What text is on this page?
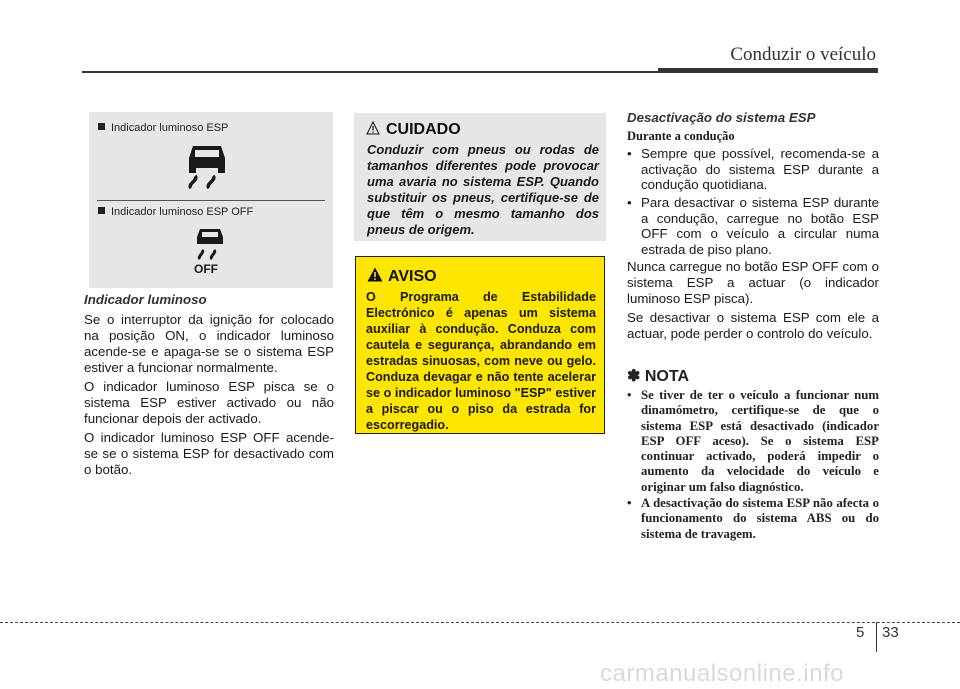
Conduzir o veículo
Indicador luminoso ESP
Indicador luminoso ESP OFF
OFF
Indicador luminoso

Se o interruptor da ignição for colocado na posição ON, o indicador luminoso acende-se e apaga-se se o sistema ESP estiver a funcionar normalmente.

O indicador luminoso ESP pisca se o sistema ESP estiver activado ou não funcionar depois der activado.

O indicador luminoso ESP OFF acende-se se o sistema ESP for desactivado com o botão.

CUIDADO
Conduzir com pneus ou rodas de tamanhos diferentes pode provocar uma avaria no sistema ESP. Quando substituir os pneus, certifique-se de que têm o mesmo tamanho dos pneus de origem.
AVISO
O Programa de Estabilidade Electrónico é apenas um sistema auxiliar à condução. Conduza com cautela e segurança, abrandando em estradas sinuosas, com neve ou gelo. Conduza devagar e não tente acelerar se o indicador luminoso "ESP" estiver a piscar ou o piso da estrada for escorregadio.
Desactivação do sistema ESP
Durante a condução
• Sempre que possível, recomenda-se a activação do sistema ESP durante a condução quotidiana.
• Para desactivar o sistema ESP durante a condução, carregue no botão ESP OFF com o veículo a circular numa estrada de piso plano.

Nunca carregue no botão ESP OFF com o sistema ESP a actuar (o indicador luminoso ESP pisca).

Se desactivar o sistema ESP com ele a actuar, pode perder o controlo do veículo.

✽ NOTA
• Se tiver de ter o veículo a funcionar num dinamómetro, certifique-se de que o sistema ESP está desactivado (indicador ESP OFF aceso). Se o sistema ESP continuar activado, poderá impedir o aumento da velocidade do veículo e originar um falso diagnóstico.
• A desactivação do sistema ESP não afecta o funcionamento do sistema ABS ou do sistema de travagem.
5 33
carmanualsonline.info
